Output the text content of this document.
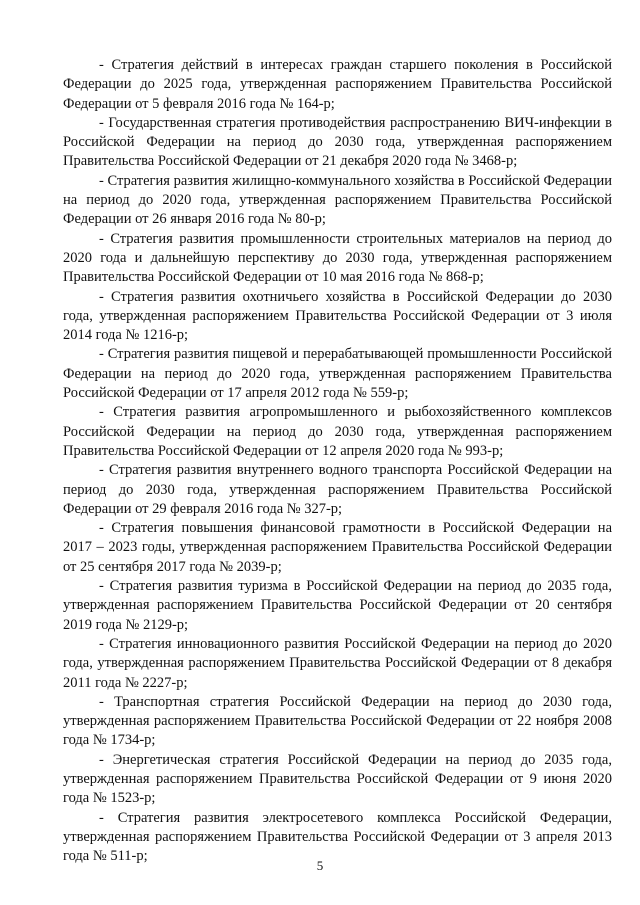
- Стратегия действий в интересах граждан старшего поколения в Российской Федерации до 2025 года, утвержденная распоряжением Правительства Российской Федерации от 5 февраля 2016 года № 164-р;

- Государственная стратегия противодействия распространению ВИЧ-инфекции в Российской Федерации на период до 2030 года, утвержденная распоряжением Правительства Российской Федерации от 21 декабря 2020 года № 3468-р;

- Стратегия развития жилищно-коммунального хозяйства в Российской Федерации на период до 2020 года, утвержденная распоряжением Правительства Российской Федерации от 26 января 2016 года № 80-р;

- Стратегия развития промышленности строительных материалов на период до 2020 года и дальнейшую перспективу до 2030 года, утвержденная распоряжением Правительства Российской Федерации от 10 мая 2016 года № 868-р;

- Стратегия развития охотничьего хозяйства в Российской Федерации до 2030 года, утвержденная распоряжением Правительства Российской Федерации от 3 июля 2014 года № 1216-р;

- Стратегия развития пищевой и перерабатывающей промышленности Российской Федерации на период до 2020 года, утвержденная распоряжением Правительства Российской Федерации от 17 апреля 2012 года № 559-р;

- Стратегия развития агропромышленного и рыбохозяйственного комплексов Российской Федерации на период до 2030 года, утвержденная распоряжением Правительства Российской Федерации от 12 апреля 2020 года № 993-р;

- Стратегия развития внутреннего водного транспорта Российской Федерации на период до 2030 года, утвержденная распоряжением Правительства Российской Федерации от 29 февраля 2016 года № 327-р;

- Стратегия повышения финансовой грамотности в Российской Федерации на 2017 – 2023 годы, утвержденная распоряжением Правительства Российской Федерации от 25 сентября 2017 года № 2039-р;

- Стратегия развития туризма в Российской Федерации на период до 2035 года, утвержденная распоряжением Правительства Российской Федерации от 20 сентября 2019 года № 2129-р;

- Стратегия инновационного развития Российской Федерации на период до 2020 года, утвержденная распоряжением Правительства Российской Федерации от 8 декабря 2011 года № 2227-р;

- Транспортная стратегия Российской Федерации на период до 2030 года, утвержденная распоряжением Правительства Российской Федерации от 22 ноября 2008 года № 1734-р;

- Энергетическая стратегия Российской Федерации на период до 2035 года, утвержденная распоряжением Правительства Российской Федерации от 9 июня 2020 года № 1523-р;

- Стратегия развития электросетевого комплекса Российской Федерации, утвержденная распоряжением Правительства Российской Федерации от 3 апреля 2013 года № 511-р;

5
